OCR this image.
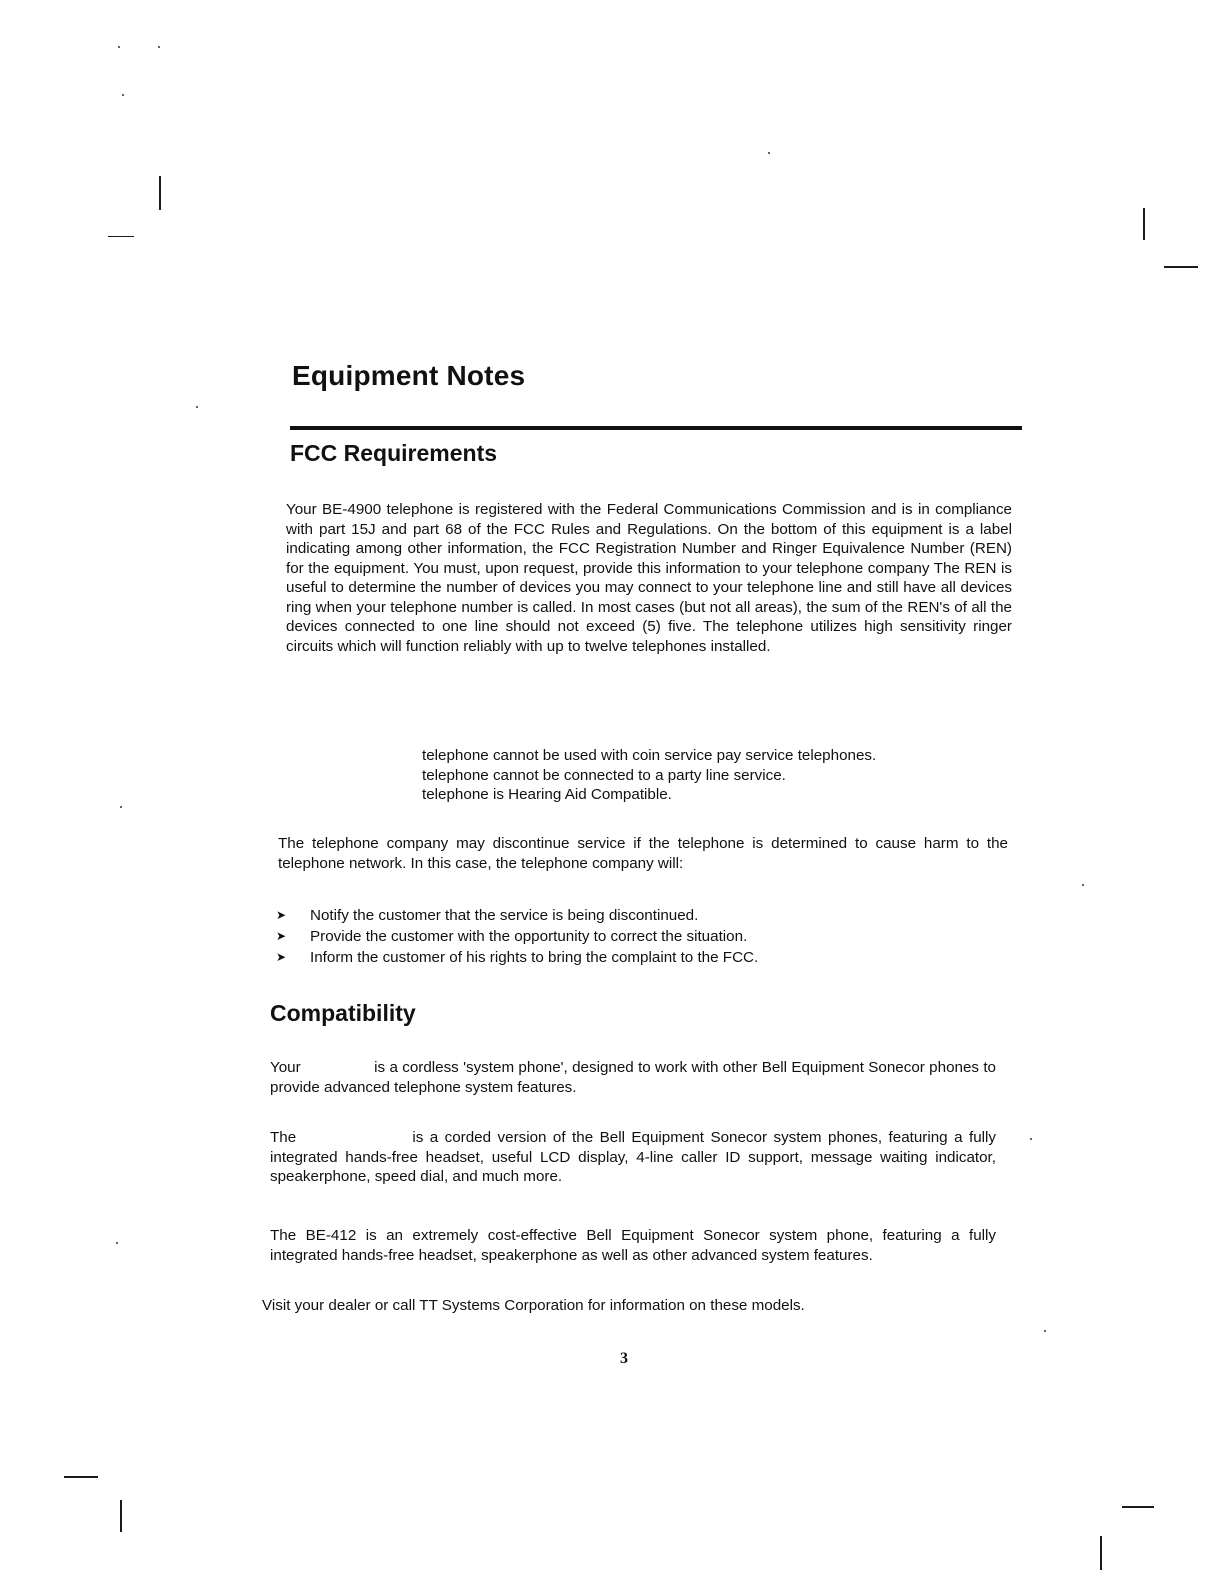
Equipment Notes
FCC Requirements
Your BE-4900 telephone is registered with the Federal Communications Commission and is in compliance with part 15J and part 68 of the FCC Rules and Regulations. On the bottom of this equipment is a label indicating among other information, the FCC Registration Number and Ringer Equivalence Number (REN) for the equipment. You must, upon request, provide this information to your telephone company The REN is useful to determine the number of devices you may connect to your telephone line and still have all devices ring when your telephone number is called. In most cases (but not all areas), the sum of the REN's of all the devices connected to one line should not exceed (5) five. The telephone utilizes high sensitivity ringer circuits which will function reliably with up to twelve telephones installed.
telephone cannot be used with coin service pay service telephones.
telephone cannot be connected to a party line service.
telephone is Hearing Aid Compatible.
The telephone company may discontinue service if the telephone is determined to cause harm to the telephone network. In this case, the telephone company will:
➤ Notify the customer that the service is being discontinued.
➤ Provide the customer with the opportunity to correct the situation.
➤ Inform the customer of his rights to bring the complaint to the FCC.
Compatibility
Your                 is a cordless 'system phone', designed to work with other Bell Equipment Sonecor phones to provide advanced telephone system features.
The                  is a corded version of the Bell Equipment Sonecor system phones, featuring a fully integrated hands-free headset, useful LCD display, 4-line caller ID support, message waiting indicator, speakerphone, speed dial, and much more.
The BE-412 is an extremely cost-effective Bell Equipment Sonecor system phone, featuring a fully integrated hands-free headset, speakerphone as well as other advanced system features.
Visit your dealer or call TT Systems Corporation for information on these models.
3
